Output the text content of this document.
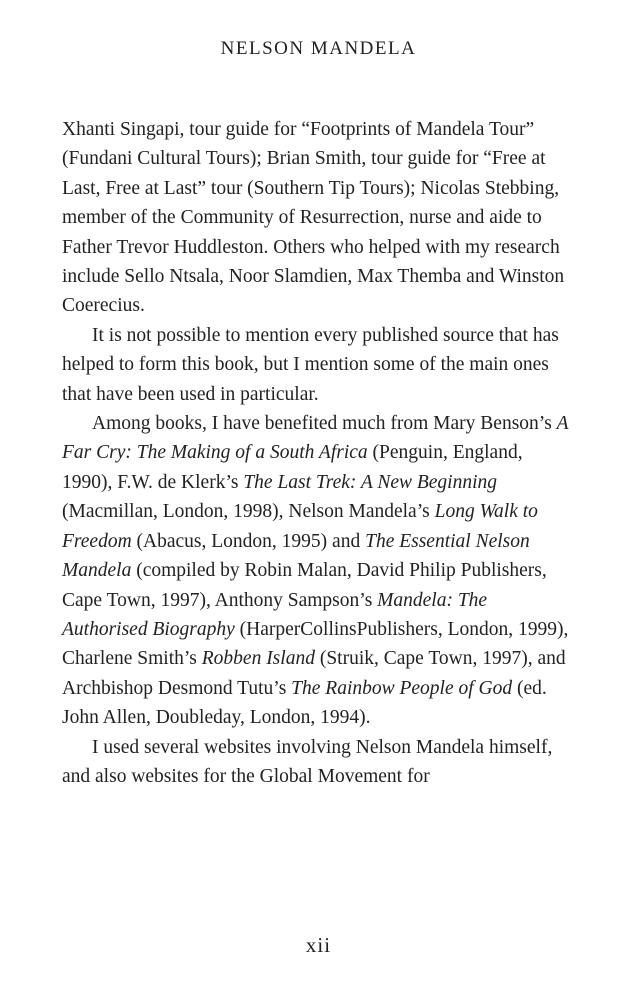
NELSON MANDELA

Xhanti Singapi, tour guide for “Footprints of Mandela Tour” (Fundani Cultural Tours); Brian Smith, tour guide for “Free at Last, Free at Last” tour (Southern Tip Tours); Nicolas Stebbing, member of the Community of Resurrection, nurse and aide to Father Trevor Huddleston. Others who helped with my research include Sello Ntsala, Noor Slamdien, Max Themba and Winston Coerecius.

It is not possible to mention every published source that has helped to form this book, but I mention some of the main ones that have been used in particular.

Among books, I have benefited much from Mary Benson’s A Far Cry: The Making of a South Africa (Penguin, England, 1990), F.W. de Klerk’s The Last Trek: A New Beginning (Macmillan, London, 1998), Nelson Mandela’s Long Walk to Freedom (Abacus, London, 1995) and The Essential Nelson Mandela (compiled by Robin Malan, David Philip Publishers, Cape Town, 1997), Anthony Sampson’s Mandela: The Authorised Biography (HarperCollinsPublishers, London, 1999), Charlene Smith’s Robben Island (Struik, Cape Town, 1997), and Archbishop Desmond Tutu’s The Rainbow People of God (ed. John Allen, Doubleday, London, 1994).

I used several websites involving Nelson Mandela himself, and also websites for the Global Movement for

xii
